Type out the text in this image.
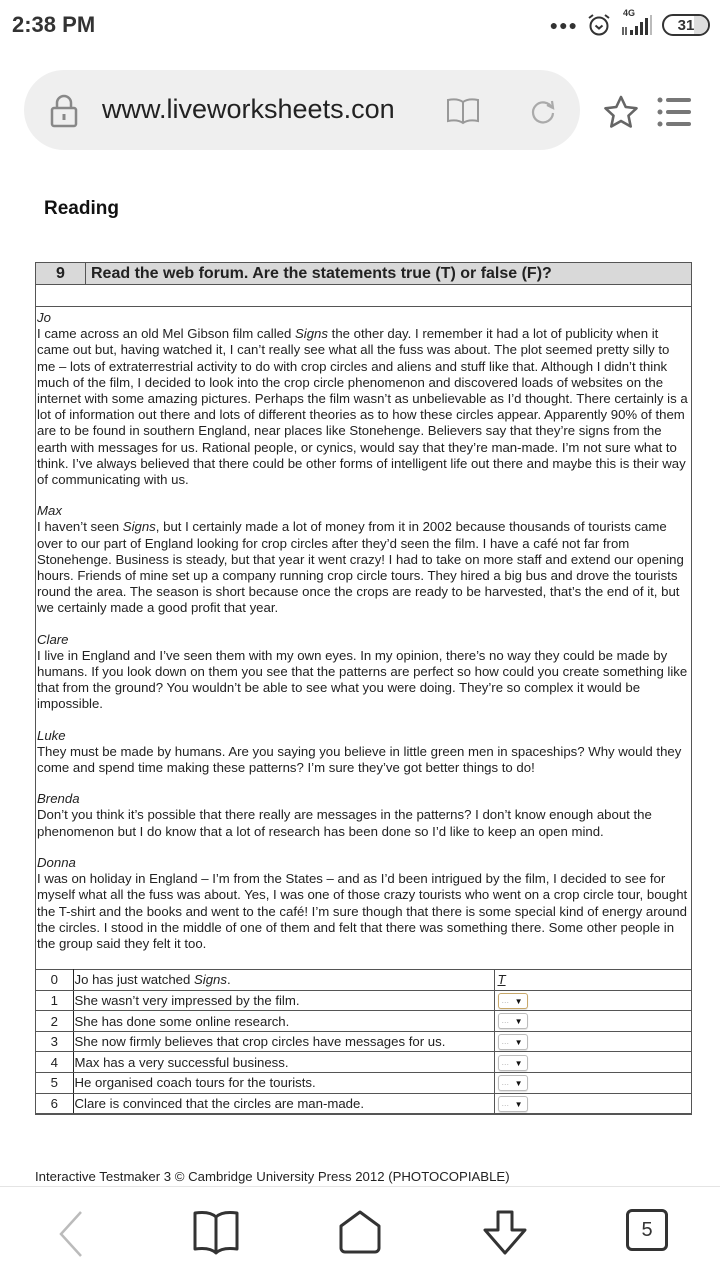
2:38 PM	●●●
4G
31
www.liveworksheets.con
Reading
9	Read the web forum. Are the statements true (T) or false (F)?
Jo
I came across an old Mel Gibson film called Signs the other day. I remember it had a lot of publicity when it came out but, having watched it, I can’t really see what all the fuss was about. The plot seemed pretty silly to me – lots of extraterrestrial activity to do with crop circles and aliens and stuff like that. Although I didn’t think much of the film, I decided to look into the crop circle phenomenon and discovered loads of websites on the internet with some amazing pictures. Perhaps the film wasn’t as unbelievable as I’d thought. There certainly is a lot of information out there and lots of different theories as to how these circles appear. Apparently 90% of them are to be found in southern England, near places like Stonehenge. Believers say that they’re signs from the earth with messages for us. Rational people, or cynics, would say that they’re man-made. I’m not sure what to think. I’ve always believed that there could be other forms of intelligent life out there and maybe this is their way of communicating with us.
Max
I haven’t seen Signs, but I certainly made a lot of money from it in 2002 because thousands of tourists came over to our part of England looking for crop circles after they’d seen the film. I have a café not far from Stonehenge. Business is steady, but that year it went crazy! I had to take on more staff and extend our opening hours. Friends of mine set up a company running crop circle tours. They hired a big bus and drove the tourists round the area. The season is short because once the crops are ready to be harvested, that’s the end of it, but we certainly made a good profit that year.
Clare
I live in England and I’ve seen them with my own eyes. In my opinion, there’s no way they could be made by humans. If you look down on them you see that the patterns are perfect so how could you create something like that from the ground? You wouldn’t be able to see what you were doing. They’re so complex it would be impossible.
Luke
They must be made by humans. Are you saying you believe in little green men in spaceships? Why would they come and spend time making these patterns? I’m sure they’ve got better things to do!
Brenda
Don’t you think it’s possible that there really are messages in the patterns? I don’t know enough about the phenomenon but I do know that a lot of research has been done so I’d like to keep an open mind.
Donna
I was on holiday in England – I’m from the States – and as I’d been intrigued by the film, I decided to see for myself what all the fuss was about. Yes, I was one of those crazy tourists who went on a crop circle tour, bought the T-shirt and the books and went to the café! I’m sure though that there is some special kind of energy around the circles. I stood in the middle of one of them and felt that there was something there. Some other people in the group said they felt it too.
0	Jo has just watched Signs.	T
1	She wasn’t very impressed by the film.	... ▼

2	She has done some online research.	... ▼

3	She now firmly believes that crop circles have messages for us.	... ▼

4	Max has a very successful business.	... ▼

5	He organised coach tours for the tourists.	... ▼

6	Clare is convinced that the circles are man-made.	... ▼
Interactive Testmaker 3 © Cambridge University Press 2012 (PHOTOCOPIABLE)
5
